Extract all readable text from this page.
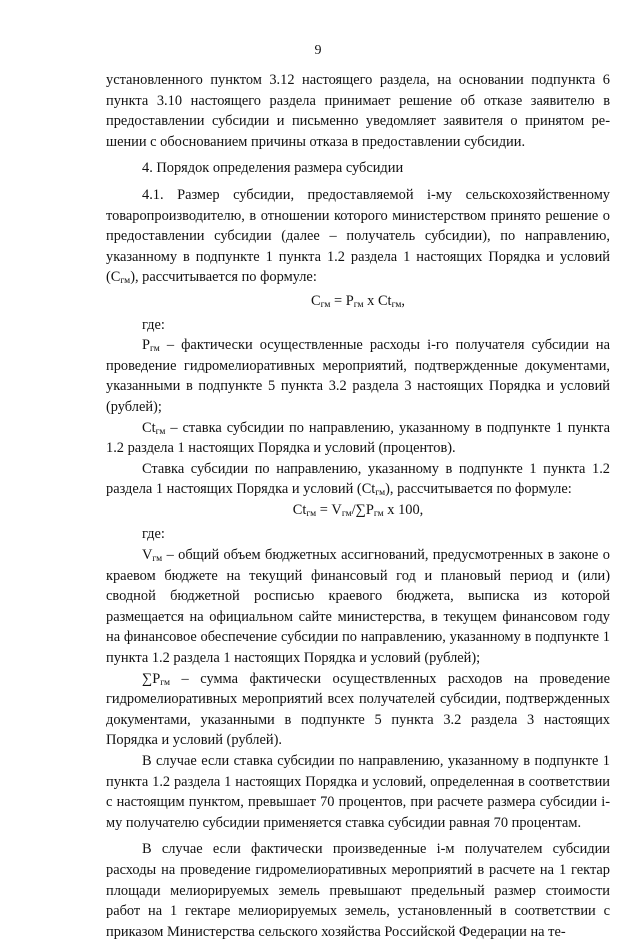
9

установленного пунктом 3.12 настоящего раздела, на основании подпункта 6 пункта 3.10 настоящего раздела принимает решение об отказе заявителю в предоставлении субсидии и письменно уведомляет заявителя о принятом решении с обоснованием причины отказа в предоставлении субсидии.

4. Порядок определения размера субсидии

4.1. Размер субсидии, предоставляемой i-му сельскохозяйственному товаропроизводителю, в отношении которого министерством принято решение о предоставлении субсидии (далее – получатель субсидии), по направлению, указанному в подпункте 1 пункта 1.2 раздела 1 настоящих Порядка и условий $(С_{гм})$, рассчитывается по формуле:

$С_{гм} = Р_{гм}$ х $Ct_{гм}$,

где:

$Р_{гм}$ – фактически осуществленные расходы i-го получателя субсидии на проведение гидромелиоративных мероприятий, подтвержденные документами, указанными в подпункте 5 пункта 3.2 раздела 3 настоящих Порядка и условий (рублей);

$Ct_{гм}$ – ставка субсидии по направлению, указанному в подпункте 1 пункта 1.2 раздела 1 настоящих Порядка и условий (процентов).

Ставка субсидии по направлению, указанному в подпункте 1 пункта 1.2 раздела 1 настоящих Порядка и условий $(Ct_{гм})$, рассчитывается по формуле:

$Ct_{гм} = V_{гм}/\sum Р_{гм}$ х 100,

где:

$V_{гм}$ – общий объем бюджетных ассигнований, предусмотренных в законе о краевом бюджете на текущий финансовый год и плановый период и (или) сводной бюджетной росписью краевого бюджета, выписка из которой размещается на официальном сайте министерства, в текущем финансовом году на финансовое обеспечение субсидии по направлению, указанному в подпункте 1 пункта 1.2 раздела 1 настоящих Порядка и условий (рублей);

$\sum Р_{гм}$ – сумма фактически осуществленных расходов на проведение гидромелиоративных мероприятий всех получателей субсидии, подтвержденных документами, указанными в подпункте 5 пункта 3.2 раздела 3 настоящих Порядка и условий (рублей).

В случае если ставка субсидии по направлению, указанному в подпункте 1 пункта 1.2 раздела 1 настоящих Порядка и условий, определенная в соответствии с настоящим пунктом, превышает 70 процентов, при расчете размера субсидии i-му получателю субсидии применяется ставка субсидии равная 70 процентам.

В случае если фактически произведенные i-м получателем субсидии расходы на проведение гидромелиоративных мероприятий в расчете на 1 гектар площади мелиорируемых земель превышают предельный размер стоимости работ на 1 гектаре мелиорируемых земель, установленный в соответствии с приказом Министерства сельского хозяйства Российской Федерации на те-
